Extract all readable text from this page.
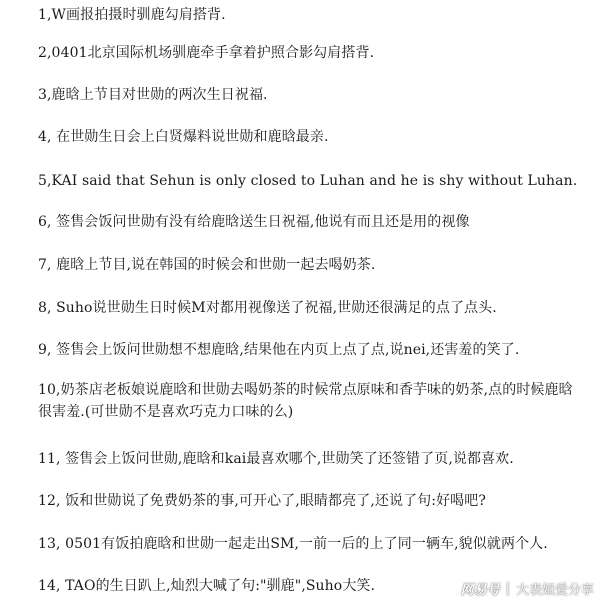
1,W画报拍摄时驯鹿勾肩搭背.
2,0401北京国际机场驯鹿牵手拿着护照合影勾肩搭背.
3,鹿晗上节目对世勋的两次生日祝福.
4, 在世勋生日会上白贤爆料说世勋和鹿晗最亲.
5,KAI said that Sehun is only closed to Luhan and he is shy without Luhan.
6, 签售会饭问世勋有没有给鹿晗送生日祝福,他说有而且还是用的视像
7, 鹿晗上节目,说在韩国的时候会和世勋一起去喝奶茶.
8, Suho说世勋生日时候M对都用视像送了祝福,世勋还很满足的点了点头.
9, 签售会上饭问世勋想不想鹿晗,结果他在内页上点了点,说nei,还害羞的笑了.
10,奶茶店老板娘说鹿晗和世勋去喝奶茶的时候常点原味和香芋味的奶茶,点的时候鹿晗很害羞.(可世勋不是喜欢巧克力口味的么)
11, 签售会上饭问世勋,鹿晗和kai最喜欢哪个,世勋笑了还签错了页,说都喜欢.
12, 饭和世勋说了免费奶茶的事,可开心了,眼睛都亮了,还说了句:好喝吧?
13, 0501有饭拍鹿晗和世勋一起走出SM,一前一后的上了同一辆车,貌似就两个人.
14, TAO的生日趴上,灿烈大喊了句:"驯鹿",Suho大笑.	网易号 | 大表姐爱分享
